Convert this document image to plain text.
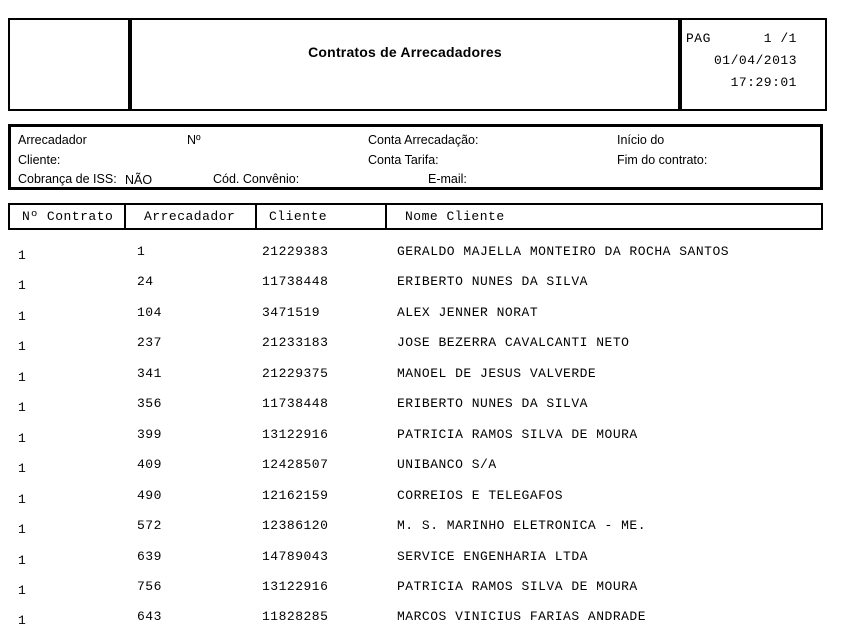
Contratos de Arrecadadores
PAG	1 /1
01/04/2013
17:29:01
Arrecadador	Nº	Conta Arrecadação:	Início do
Cliente:	Conta Tarifa:	Fim do contrato:
Cobrança de ISS: NÃO	Cód. Convênio:	E-mail:
Nº Contrato	Arrecadador	Cliente	Nome Cliente
1	1	21229383	GERALDO MAJELLA MONTEIRO DA ROCHA SANTOS
1	24	11738448	ERIBERTO NUNES DA SILVA
1	104	3471519	ALEX JENNER NORAT
1	237	21233183	JOSE BEZERRA CAVALCANTI NETO
1	341	21229375	MANOEL DE JESUS VALVERDE
1	356	11738448	ERIBERTO NUNES DA SILVA
1	399	13122916	PATRICIA RAMOS SILVA DE MOURA
1	409	12428507	UNIBANCO S/A
1	490	12162159	CORREIOS E TELEGAFOS
1	572	12386120	M. S. MARINHO ELETRONICA - ME.
1	639	14789043	SERVICE ENGENHARIA LTDA
1	756	13122916	PATRICIA RAMOS SILVA DE MOURA
1	643	11828285	MARCOS VINICIUS FARIAS ANDRADE
